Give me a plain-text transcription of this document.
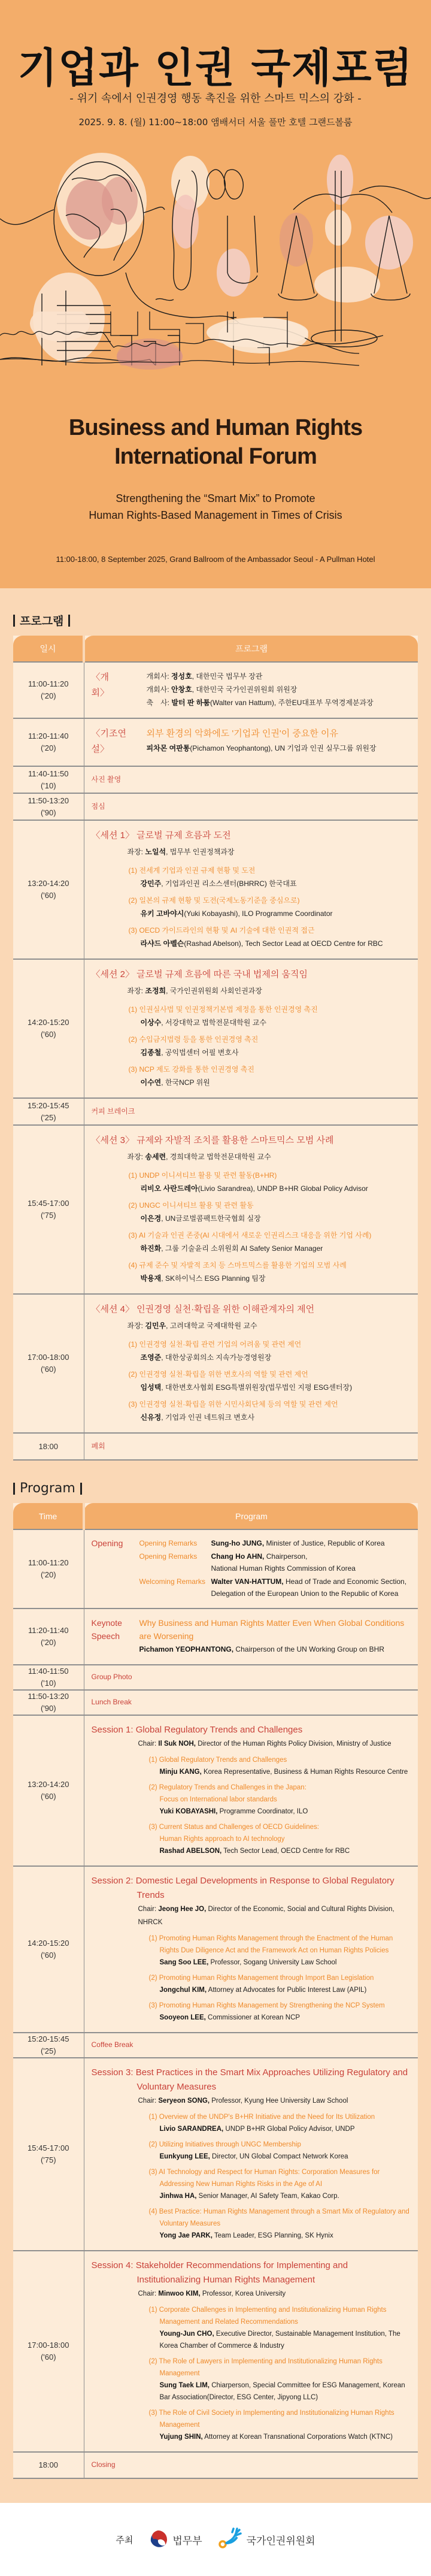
기업과 인권 국제포럼
- 위기 속에서 인권경영 행동 촉진을 위한 스마트 믹스의 강화 -
2025. 9. 8. (월) 11:00~18:00 앰배서더 서울 풀만 호텔 그랜드볼룸
Business and Human Rights
International Forum
Strengthening the “Smart Mix” to Promote
Human Rights-Based Management in Times of Crisis
11:00-18:00, 8 September 2025, Grand Ballroom of the Ambassador Seoul - A Pullman Hotel
프로그램
일시	프로그램

11:00-11:20
('20)

〈개　　회〉
개회사: 정성호, 대한민국 법무부 장관
개회사: 안창호, 대한민국 국가인권위원회 위원장
축　사: 발터 판 하툼(Walter van Hattum), 주한EU대표부 무역경제분과장

11:20-11:40
('20)

〈기조연설〉
외부 환경의 악화에도 '기업과 인권'이 중요한 이유
피차몬 여판통(Pichamon Yeophantong), UN 기업과 인권 실무그룹 위원장

11:40-11:50
('10)	사진 촬영

11:50-13:20
('90)	점심

13:20-14:20
('60)

〈세션 1〉 글로벌 규제 흐름과 도전
좌장: 노일석, 법무부 인권정책과장
(1) 전세계 기업과 인권 규제 현황 및 도전
강민주, 기업과인권 리소스센터(BHRRC) 한국대표
(2) 일본의 규제 현황 및 도전(국제노동기준을 중심으로)
유키 고바야시(Yuki Kobayashi), ILO Programme Coordinator
(3) OECD 가이드라인의 현황 및 AI 기술에 대한 인권적 접근
라샤드 아벨슨(Rashad Abelson), Tech Sector Lead at OECD Centre for RBC

14:20-15:20
('60)

〈세션 2〉 글로벌 규제 흐름에 따른 국내 법제의 움직임
좌장: 조정희, 국가인권위원회 사회인권과장
(1) 인권실사법 및 인권정책기본법 제정을 통한 인권경영 촉진
이상수, 서강대학교 법학전문대학원 교수
(2) 수입금지법령 등을 통한 인권경영 촉진
김종철, 공익법센터 어필 변호사
(3) NCP 제도 강화를 통한 인권경영 촉진
이수연, 한국NCP 위원

15:20-15:45
('25)	커피 브레이크

15:45-17:00
('75)

〈세션 3〉 규제와 자발적 조치를 활용한 스마트믹스 모범 사례
좌장: 송세련, 경희대학교 법학전문대학원 교수
(1) UNDP 이니셔티브 활용 및 관련 활동(B+HR)
리비오 사란드레아(Livio Sarandrea), UNDP B+HR Global Policy Advisor
(2) UNGC 이니셔티브 활용 및 관련 활동
이은경, UN글로벌콤팩트한국협회 실장
(3) AI 기술과 인권 존중(AI 시대에서 새로운 인권리스크 대응을 위한 기업 사례)
하진화, 그룹 기술윤리 소위원회 AI Safety Senior Manager
(4) 규제 준수 및 자발적 조치 등 스마트믹스를 활용한 기업의 모범 사례
박용재, SK하이닉스 ESG Planning 팀장

17:00-18:00
('60)

〈세션 4〉 인권경영 실천·확립을 위한 이해관계자의 제언
좌장: 김민우, 고려대학교 국제대학원 교수
(1) 인권경영 실천·확립 관련 기업의 어려움 및 관련 제언
조영준, 대한상공회의소 지속가능경영원장
(2) 인권경영 실천·확립을 위한 변호사의 역할 및 관련 제언
임성택, 대한변호사협회 ESG특별위원장(법무법인 지평 ESG센터장)
(3) 인권경영 실천·확립을 위한 시민사회단체 등의 역할 및 관련 제언
신유정, 기업과 인권 네트워크 변호사

18:00	폐회
Program
Time	Program

11:00-11:20
('20)

Opening	Opening Remarks	Sung-ho JUNG, Minister of Justice, Republic of Korea
Opening Remarks	Chang Ho AHN, Chairperson,
National Human Rights Commission of Korea
Welcoming Remarks Walter VAN-HATTUM, Head of Trade and Economic Section,
Delegation of the European Union to the Republic of Korea

11:20-11:40
('20)

Keynote
Speech
Why Business and Human Rights Matter Even When Global Conditions are Worsening
Pichamon YEOPHANTONG, Chairperson of the UN Working Group on BHR

11:40-11:50
('10)	Group Photo

11:50-13:20
('90)	Lunch Break

13:20-14:20
('60)

Session 1: Global Regulatory Trends and Challenges
Chair: Il Suk NOH, Director of the Human Rights Policy Division, Ministry of Justice
(1) Global Regulatory Trends and Challenges
Minju KANG, Korea Representative, Business & Human Rights Resource Centre
(2) Regulatory Trends and Challenges in the Japan:
Focus on International labor standards
Yuki KOBAYASHI, Programme Coordinator, ILO
(3) Current Status and Challenges of OECD Guidelines:
Human Rights approach to AI technology
Rashad ABELSON, Tech Sector Lead, OECD Centre for RBC

14:20-15:20
('60)

Session 2: Domestic Legal Developments in Response to Global Regulatory Trends
Chair: Jeong Hee JO, Director of the Economic, Social and Cultural Rights Division, NHRCK
(1) Promoting Human Rights Management through the Enactment of the Human Rights Due Diligence Act and the Framework Act on Human Rights Policies
Sang Soo LEE, Professor, Sogang University Law School
(2) Promoting Human Rights Management through Import Ban Legislation
Jongchul KIM, Attorney at Advocates for Public Interest Law (APIL)
(3) Promoting Human Rights Management by Strengthening the NCP System
Sooyeon LEE, Commissioner at Korean NCP

15:20-15:45
('25)	Coffee Break

15:45-17:00
('75)

Session 3: Best Practices in the Smart Mix Approaches Utilizing Regulatory and Voluntary Measures
Chair: Seryeon SONG, Professor, Kyung Hee University Law School
(1) Overview of the UNDP's B+HR Initiative and the Need for Its Utilization
Livio SARANDREA, UNDP B+HR Global Policy Advisor, UNDP
(2) Utilizing Initiatives through UNGC Membership
Eunkyung LEE, Director, UN Global Compact Network Korea
(3) AI Technology and Respect for Human Rights: Corporation Measures for Addressing New Human Rights Risks in the Age of AI
Jinhwa HA, Senior Manager, AI Safety Team, Kakao Corp.
(4) Best Practice: Human Rights Management through a Smart Mix of Regulatory and Voluntary Measures
Yong Jae PARK, Team Leader, ESG Planning, SK Hynix

17:00-18:00
('60)

Session 4: Stakeholder Recommendations for Implementing and Institutionalizing Human Rights Management
Chair: Minwoo KIM, Professor, Korea University
(1) Corporate Challenges in Implementing and Institutionalizing Human Rights Management and Related Recommendations
Young-Jun CHO, Executive Director, Sustainable Management Institution, The Korea Chamber of Commerce & Industry
(2) The Role of Lawyers in Implementing and Institutionalizing Human Rights Management
Sung Taek LIM, Chiarperson, Special Committee for ESG Management, Korean Bar Association(Director, ESG Center, Jipyong LLC)
(3) The Role of Civil Society in Implementing and Institutionalizing Human Rights Management
Yujung SHIN, Attorney at Korean Transnational Corporations Watch (KTNC)

18:00	Closing
주최	법무부	국가인권위원회
